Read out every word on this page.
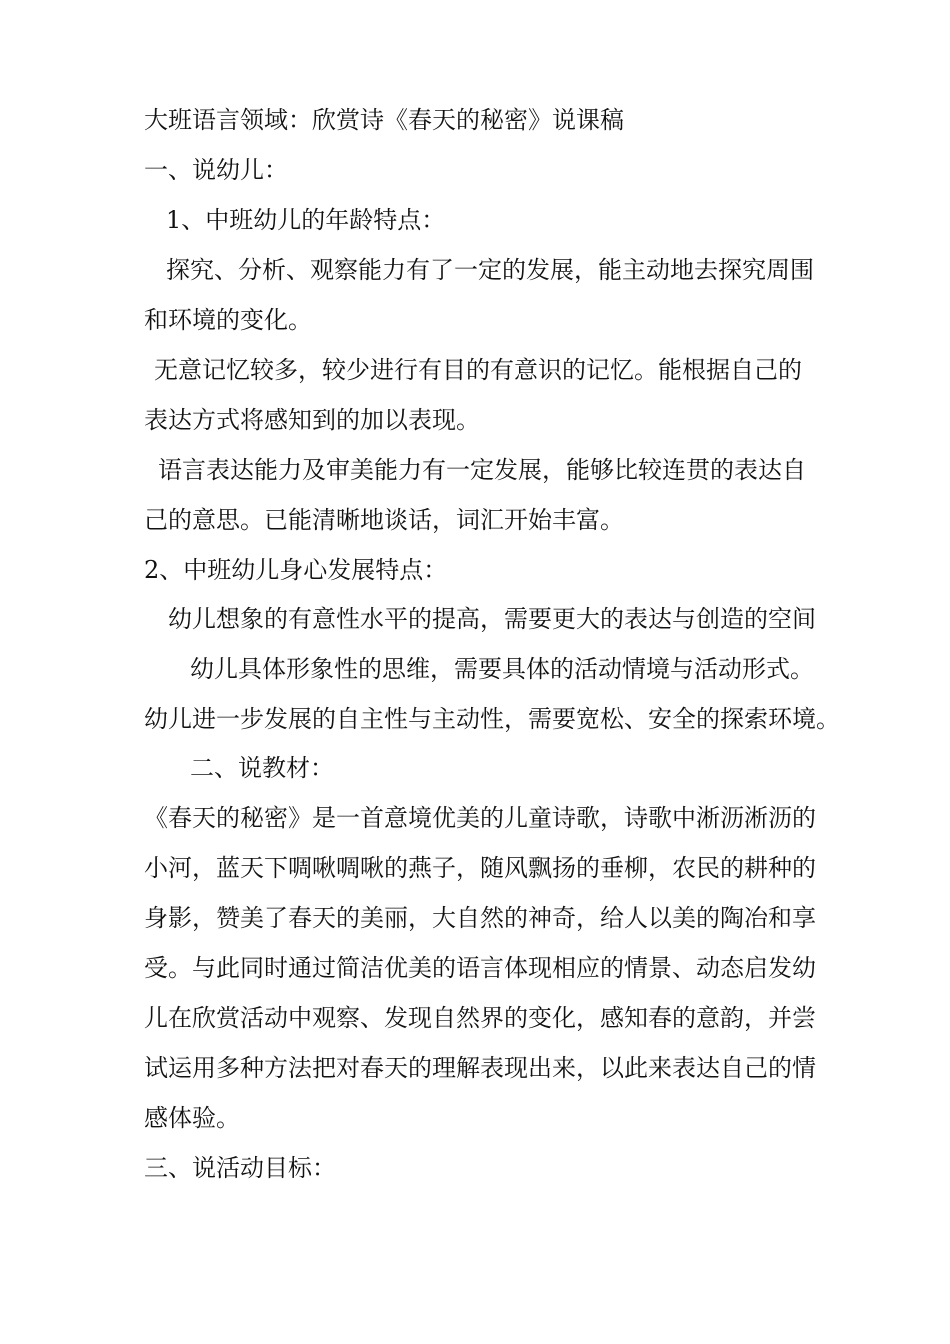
大班语言领域：欣赏诗《春天的秘密》说课稿
一、说幼儿：
1、中班幼儿的年龄特点：
探究、分析、观察能力有了一定的发展，能主动地去探究周围
和环境的变化。
无意记忆较多，较少进行有目的有意识的记忆。能根据自己的
表达方式将感知到的加以表现。
语言表达能力及审美能力有一定发展，能够比较连贯的表达自
己的意思。已能清晰地谈话，词汇开始丰富。
2、中班幼儿身心发展特点：
幼儿想象的有意性水平的提高，需要更大的表达与创造的空间
幼儿具体形象性的思维，需要具体的活动情境与活动形式。
幼儿进一步发展的自主性与主动性，需要宽松、安全的探索环境。
二、说教材：
《春天的秘密》是一首意境优美的儿童诗歌，诗歌中淅沥淅沥的
小河，蓝天下啁啾啁啾的燕子，随风飘扬的垂柳，农民的耕种的
身影，赞美了春天的美丽，大自然的神奇，给人以美的陶冶和享
受。与此同时通过简洁优美的语言体现相应的情景、动态启发幼
儿在欣赏活动中观察、发现自然界的变化，感知春的意韵，并尝
试运用多种方法把对春天的理解表现出来，以此来表达自己的情
感体验。
三、说活动目标：
